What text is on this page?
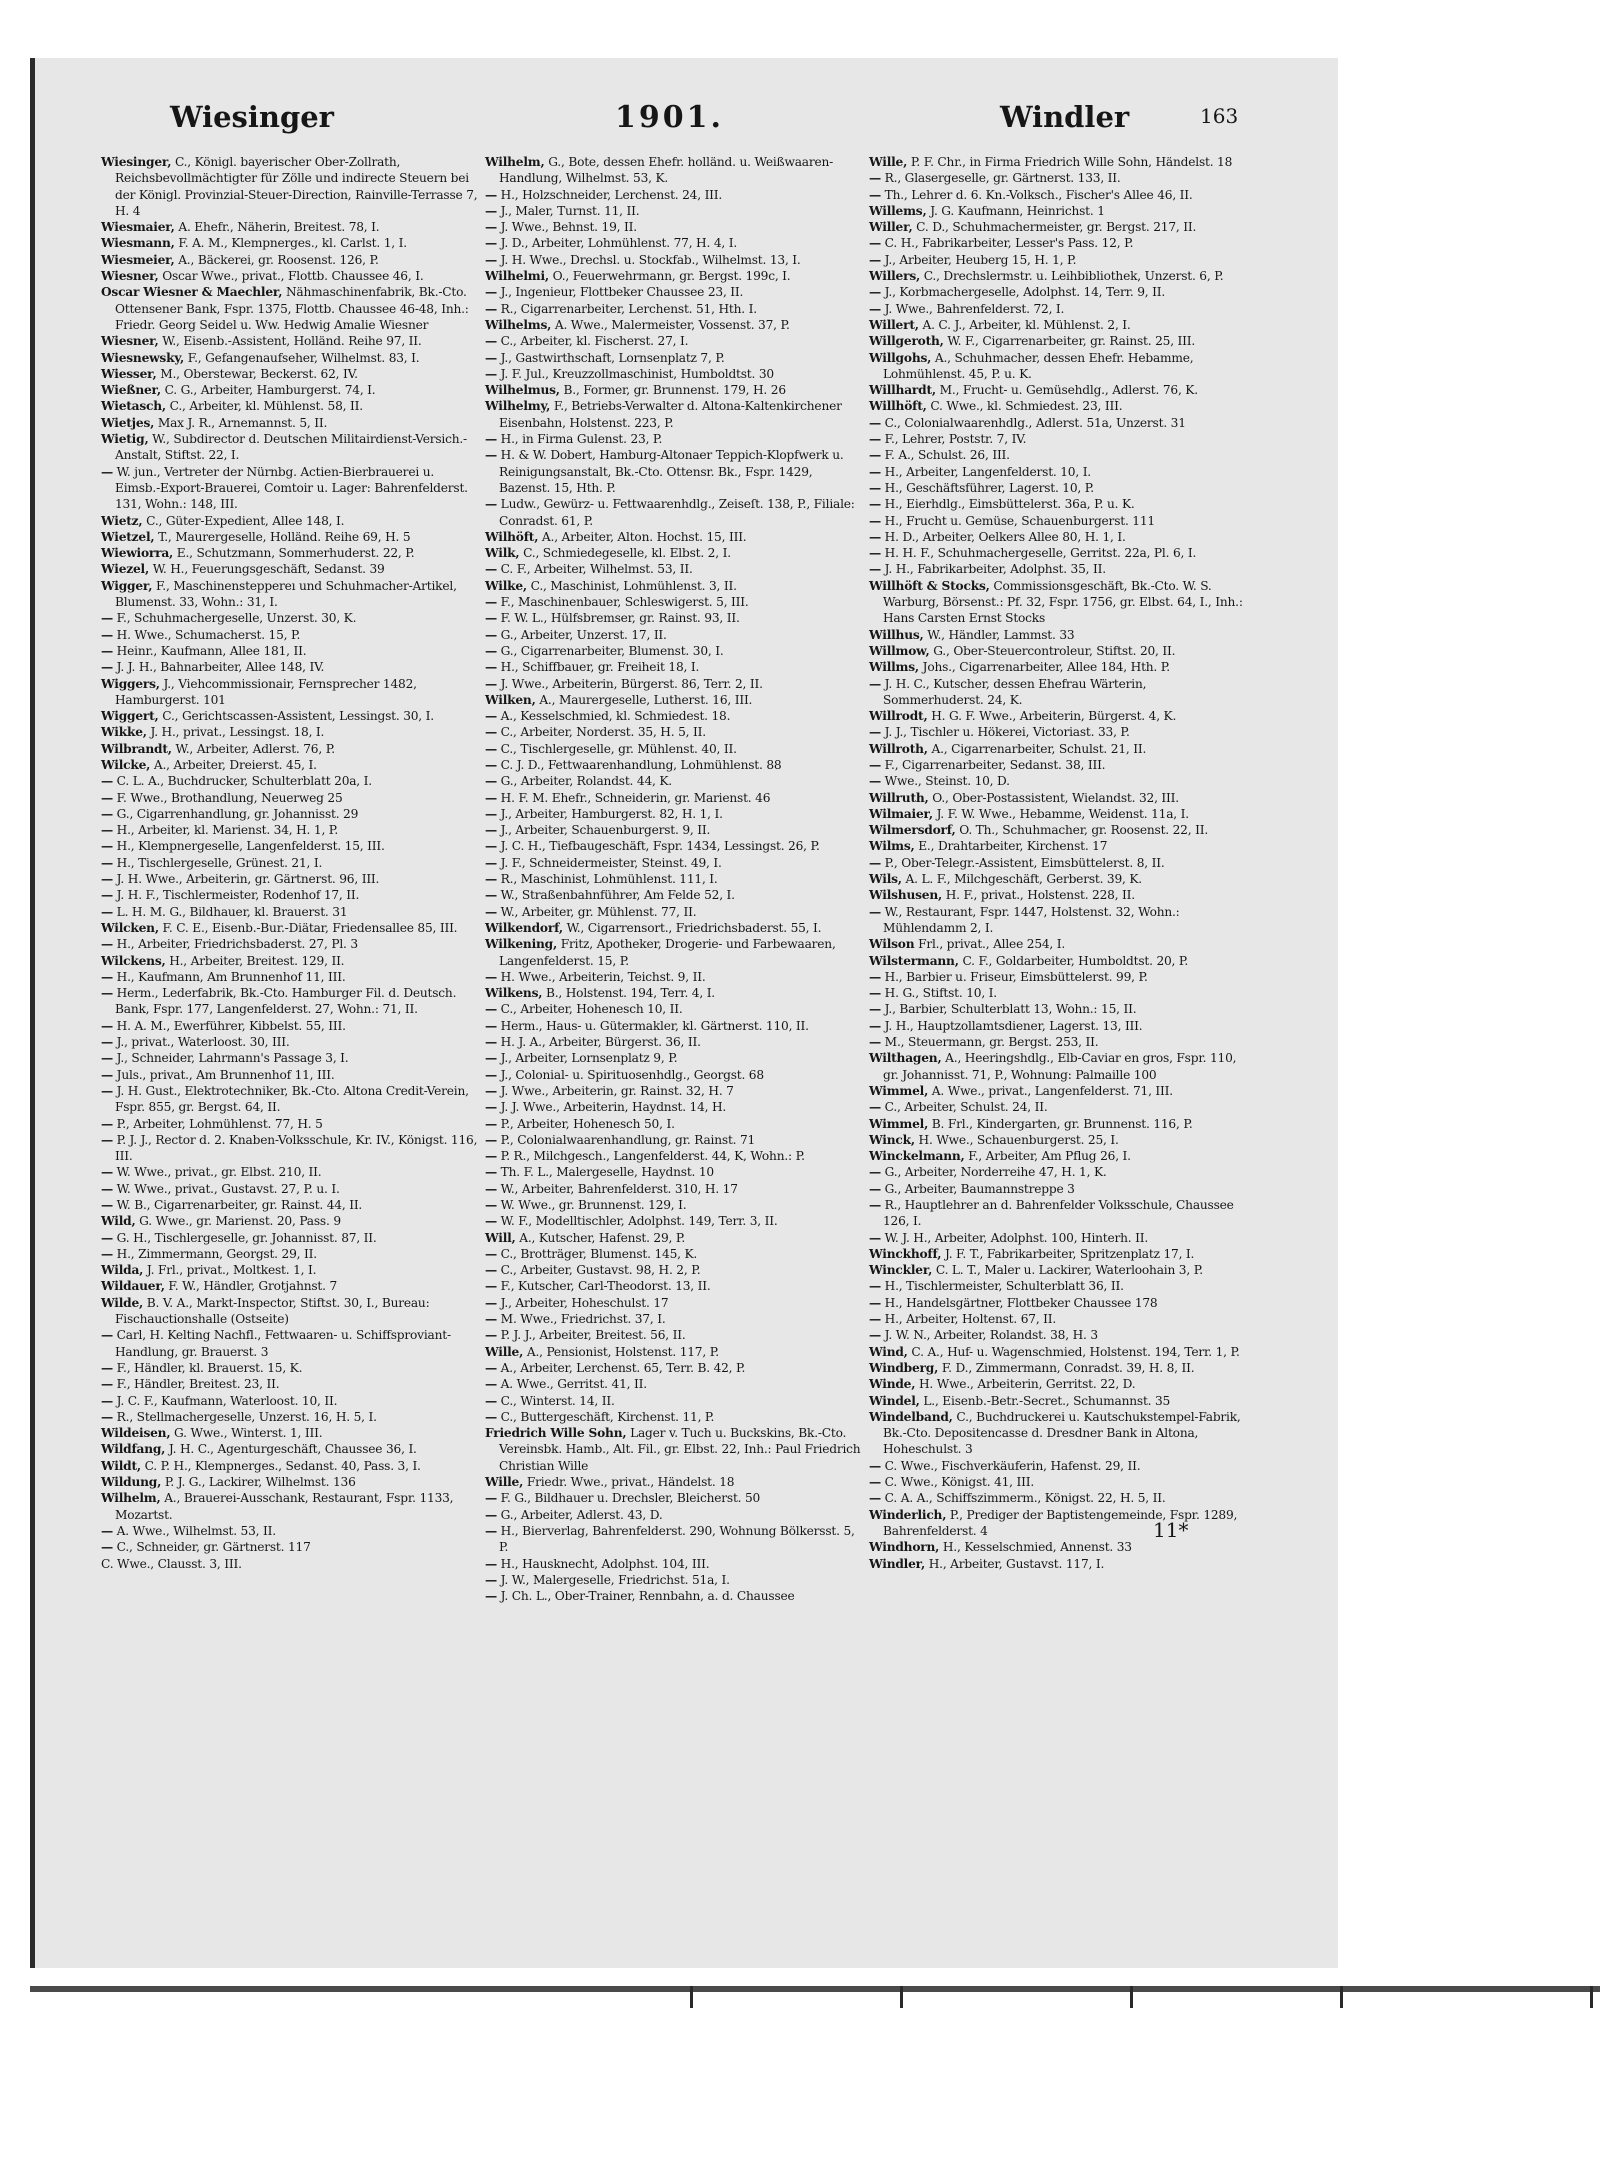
Wiesinger	1901.	Windler	163

Wiesinger, C., Königl. bayerischer Ober-Zollrath, Reichsbevollmächtigter für Zölle und indirecte Steuern bei der Königl. Provinzial-Steuer-Direction, Rainville-Terrasse 7, H. 4

Wiesmaier, A. Ehefr., Näherin, Breitest. 78, I.

Wiesmann, F. A. M., Klempnerges., kl. Carlst. 1, I.

Wiesmeier, A., Bäckerei, gr. Roosenst. 126, P.

Wiesner, Oscar Wwe., privat., Flottb. Chaussee 46, I.

Oscar Wiesner & Maechler, Nähmaschinenfabrik, Bk.-Cto. Ottensener Bank, Fspr. 1375, Flottb. Chaussee 46-48, Inh.: Friedr. Georg Seidel u. Ww. Hedwig Amalie Wiesner

Wiesner, W., Eisenb.-Assistent, Holländ. Reihe 97, II.

Wiesnewsky, F., Gefangenaufseher, Wilhelmst. 83, I.

Wiesser, M., Oberstewar, Beckerst. 62, IV.

Wießner, C. G., Arbeiter, Hamburgerst. 74, I.

Wietasch, C., Arbeiter, kl. Mühlenst. 58, II.

Wietjes, Max J. R., Arnemannst. 5, II.

Wietig, W., Subdirector d. Deutschen Militairdienst-Versich.-Anstalt, Stiftst. 22, I.

— W. jun., Vertreter der Nürnbg. Actien-Bierbrauerei u. Eimsb.-Export-Brauerei, Comtoir u. Lager: Bahrenfelderst. 131, Wohn.: 148, III.

Wietz, C., Güter-Expedient, Allee 148, I.

Wietzel, T., Maurergeselle, Holländ. Reihe 69, H. 5

Wiewiorra, E., Schutzmann, Sommerhuderst. 22, P.

Wiezel, W. H., Feuerungsgeschäft, Sedanst. 39

Wigger, F., Maschinensteppereı und Schuhmacher-Artikel, Blumenst. 33, Wohn.: 31, I.

— F., Schuhmachergeselle, Unzerst. 30, K.

— H. Wwe., Schumacherst. 15, P.

— Heinr., Kaufmann, Allee 181, II.

— J. J. H., Bahnarbeiter, Allee 148, IV.

Wiggers, J., Viehcommissionair, Fernsprecher 1482, Hamburgerst. 101

Wiggert, C., Gerichtscassen-Assistent, Lessingst. 30, I.

Wikke, J. H., privat., Lessingst. 18, I.

Wilbrandt, W., Arbeiter, Adlerst. 76, P.

Wilcke, A., Arbeiter, Dreierst. 45, I.

— C. L. A., Buchdrucker, Schulterblatt 20a, I.

— F. Wwe., Brothandlung, Neuerweg 25

— G., Cigarrenhandlung, gr. Johannisst. 29

— H., Arbeiter, kl. Marienst. 34, H. 1, P.

— H., Klempnergeselle, Langenfelderst. 15, III.

— H., Tischlergeselle, Grünest. 21, I.

— J. H. Wwe., Arbeiterin, gr. Gärtnerst. 96, III.

— J. H. F., Tischlermeister, Rodenhof 17, II.

— L. H. M. G., Bildhauer, kl. Brauerst. 31

Wilcken, F. C. E., Eisenb.-Bur.-Diätar, Friedensallee 85, III.

— H., Arbeiter, Friedrichsbaderst. 27, Pl. 3

Wilckens, H., Arbeiter, Breitest. 129, II.

— H., Kaufmann, Am Brunnenhof 11, III.

— Herm., Lederfabrik, Bk.-Cto. Hamburger Fil. d. Deutsch. Bank, Fspr. 177, Langenfelderst. 27, Wohn.: 71, II.

— H. A. M., Ewerführer, Kibbelst. 55, III.

— J., privat., Waterloost. 30, III.

— J., Schneider, Lahrmann's Passage 3, I.

— Juls., privat., Am Brunnenhof 11, III.

— J. H. Gust., Elektrotechniker, Bk.-Cto. Altona Credit-Verein, Fspr. 855, gr. Bergst. 64, II.

— P., Arbeiter, Lohmühlenst. 77, H. 5

— P. J. J., Rector d. 2. Knaben-Volksschule, Kr. IV., Königst. 116, III.

— W. Wwe., privat., gr. Elbst. 210, II.

— W. Wwe., privat., Gustavst. 27, P. u. I.

— W. B., Cigarrenarbeiter, gr. Rainst. 44, II.

Wild, G. Wwe., gr. Marienst. 20, Pass. 9

— G. H., Tischlergeselle, gr. Johannisst. 87, II.

— H., Zimmermann, Georgst. 29, II.

Wilda, J. Frl., privat., Moltkest. 1, I.

Wildauer, F. W., Händler, Grotjahnst. 7

Wilde, B. V. A., Markt-Inspector, Stiftst. 30, I., Bureau: Fischauctionshalle (Ostseite)

— Carl, H. Kelting Nachfl., Fettwaaren- u. Schiffsproviant-Handlung, gr. Brauerst. 3

— F., Händler, kl. Brauerst. 15, K.

— F., Händler, Breitest. 23, II.

— J. C. F., Kaufmann, Waterloost. 10, II.

— R., Stellmachergeselle, Unzerst. 16, H. 5, I.

Wildeisen, G. Wwe., Winterst. 1, III.

Wildfang, J. H. C., Agenturgeschäft, Chaussee 36, I.

Wildt, C. P. H., Klempnerges., Sedanst. 40, Pass. 3, I.

Wildung, P. J. G., Lackirer, Wilhelmst. 136

Wilhelm, A., Brauerei-Ausschank, Restaurant, Fspr. 1133, Mozartst.

— A. Wwe., Wilhelmst. 53, II.

— C., Schneider, gr. Gärtnerst. 117

C. Wwe., Clausst. 3, III.

Wilhelm, G., Bote, dessen Ehefr. holländ. u. Weißwaaren-Handlung, Wilhelmst. 53, K.

— H., Holzschneider, Lerchenst. 24, III.

— J., Maler, Turnst. 11, II.

— J. Wwe., Behnst. 19, II.

— J. D., Arbeiter, Lohmühlenst. 77, H. 4, I.

— J. H. Wwe., Drechsl. u. Stockfab., Wilhelmst. 13, I.

Wilhelmi, O., Feuerwehrmann, gr. Bergst. 199c, I.

— J., Ingenieur, Flottbeker Chaussee 23, II.

— R., Cigarrenarbeiter, Lerchenst. 51, Hth. I.

Wilhelms, A. Wwe., Malermeister, Vossenst. 37, P.

— C., Arbeiter, kl. Fischerst. 27, I.

— J., Gastwirthschaft, Lornsenplatz 7, P.

— J. F. Jul., Kreuzzollmaschinist, Humboldtst. 30

Wilhelmus, B., Former, gr. Brunnenst. 179, H. 26

Wilhelmy, F., Betriebs-Verwalter d. Altona-Kaltenkirchener Eisenbahn, Holstenst. 223, P.

— H., in Firma Gulenst. 23, P.

— H. & W. Dobert, Hamburg-Altonaer Teppich-Klopfwerk u. Reinigungsanstalt, Bk.-Cto. Ottensr. Bk., Fspr. 1429, Bazenst. 15, Hth. P.

— Ludw., Gewürz- u. Fettwaarenhdlg., Zeiseſt. 138, P., Filiale: Conradst. 61, P.

Wilhöft, A., Arbeiter, Alton. Hochst. 15, III.

Wilk, C., Schmiedegeselle, kl. Elbst. 2, I.

— C. F., Arbeiter, Wilhelmst. 53, II.

Wilke, C., Maschinist, Lohmühlenst. 3, II.

— F., Maschinenbauer, Schleswigerst. 5, III.

— F. W. L., Hülfsbremser, gr. Rainst. 93, II.

— G., Arbeiter, Unzerst. 17, II.

— G., Cigarrenarbeiter, Blumenst. 30, I.

— H., Schiffbauer, gr. Freiheit 18, I.

— J. Wwe., Arbeiterin, Bürgerst. 86, Terr. 2, II.

Wilken, A., Maurergeselle, Lutherst. 16, III.

— A., Kesselschmied, kl. Schmiedest. 18.

— C., Arbeiter, Norderst. 35, H. 5, II.

— C., Tischlergeselle, gr. Mühlenst. 40, II.

— C. J. D., Fettwaarenhandlung, Lohmühlenst. 88

— G., Arbeiter, Rolandst. 44, K.

— H. F. M. Ehefr., Schneiderin, gr. Marienst. 46

— J., Arbeiter, Hamburgerst. 82, H. 1, I.

— J., Arbeiter, Schauenburgerst. 9, II.

— J. C. H., Tiefbaugeschäft, Fspr. 1434, Lessingst. 26, P.

— J. F., Schneidermeister, Steinst. 49, I.

— R., Maschinist, Lohmühlenst. 111, I.

— W., Straßenbahnführer, Am Felde 52, I.

— W., Arbeiter, gr. Mühlenst. 77, II.

Wilkendorf, W., Cigarrensort., Friedrichsbaderst. 55, I.

Wilkening, Fritz, Apotheker, Drogerie- und Farbewaaren, Langenfelderst. 15, P.

— H. Wwe., Arbeiterin, Teichst. 9, II.

Wilkens, B., Holstenst. 194, Terr. 4, I.

— C., Arbeiter, Hohenesch 10, II.

— Herm., Haus- u. Gütermakler, kl. Gärtnerst. 110, II.

— H. J. A., Arbeiter, Bürgerst. 36, II.

— J., Arbeiter, Lornsenplatz 9, P.

— J., Colonial- u. Spirituosenhdlg., Georgst. 68

— J. Wwe., Arbeiterin, gr. Rainst. 32, H. 7

— J. J. Wwe., Arbeiterin, Haydnst. 14, H.

— P., Arbeiter, Hohenesch 50, I.

— P., Colonialwaarenhandlung, gr. Rainst. 71

— P. R., Milchgesch., Langenfelderst. 44, K, Wohn.: P.

— Th. F. L., Malergeselle, Haydnst. 10

— W., Arbeiter, Bahrenfelderst. 310, H. 17

— W. Wwe., gr. Brunnenst. 129, I.

— W. F., Modelltischler, Adolphst. 149, Terr. 3, II.

Will, A., Kutscher, Hafenst. 29, P.

— C., Brotträger, Blumenst. 145, K.

— C., Arbeiter, Gustavst. 98, H. 2, P.

— F., Kutscher, Carl-Theodorst. 13, II.

— J., Arbeiter, Hoheschulst. 17

— M. Wwe., Friedrichst. 37, I.

— P. J. J., Arbeiter, Breitest. 56, II.

Wille, A., Pensionist, Holstenst. 117, P.

— A., Arbeiter, Lerchenst. 65, Terr. B. 42, P.

— A. Wwe., Gerritst. 41, II.

— C., Winterst. 14, II.

— C., Buttergeschäft, Kirchenst. 11, P.

Friedrich Wille Sohn, Lager v. Tuch u. Buckskins, Bk.-Cto. Vereinsbk. Hamb., Alt. Fil., gr. Elbst. 22, Inh.: Paul Friedrich Christian Wille

Wille, Friedr. Wwe., privat., Händelst. 18

— F. G., Bildhauer u. Drechsler, Bleicherst. 50

— G., Arbeiter, Adlerst. 43, D.

— H., Bierverlag, Bahrenfelderst. 290, Wohnung Bölkersst. 5, P.

— H., Hausknecht, Adolphst. 104, III.

— J. W., Malergeselle, Friedrichst. 51a, I.

— J. Ch. L., Ober-Trainer, Rennbahn, a. d. Chaussee

Wille, P. F. Chr., in Firma Friedrich Wille Sohn, Händelst. 18

— R., Glasergeselle, gr. Gärtnerst. 133, II.

— Th., Lehrer d. 6. Kn.-Volksch., Fischer's Allee 46, II.

Willems, J. G. Kaufmann, Heinrichst. 1

Willer, C. D., Schuhmachermeister, gr. Bergst. 217, II.

— C. H., Fabrikarbeiter, Lesser's Pass. 12, P.

— J., Arbeiter, Heuberg 15, H. 1, P.

Willers, C., Drechslermstr. u. Leihbibliothek, Unzerst. 6, P.

— J., Korbmachergeselle, Adolphst. 14, Terr. 9, II.

— J. Wwe., Bahrenfelderst. 72, I.

Willert, A. C. J., Arbeiter, kl. Mühlenst. 2, I.

Willgeroth, W. F., Cigarrenarbeiter, gr. Rainst. 25, III.

Willgohs, A., Schuhmacher, dessen Ehefr. Hebamme, Lohmühlenst. 45, P. u. K.

Willhardt, M., Frucht- u. Gemüsehdlg., Adlerst. 76, K.

Willhöft, C. Wwe., kl. Schmiedest. 23, III.

— C., Colonialwaarenhdlg., Adlerst. 51a, Unzerst. 31

— F., Lehrer, Poststr. 7, IV.

— F. A., Schulst. 26, III.

— H., Arbeiter, Langenfelderst. 10, I.

— H., Geschäftsführer, Lagerst. 10, P.

— H., Eierhdlg., Eimsbüttelerst. 36a, P. u. K.

— H., Frucht u. Gemüse, Schauenburgerst. 111

— H. D., Arbeiter, Oelkers Allee 80, H. 1, I.

— H. H. F., Schuhmachergeselle, Gerritst. 22a, Pl. 6, I.

— J. H., Fabrikarbeiter, Adolphst. 35, II.

Willhöft & Stocks, Commissionsgeschäft, Bk.-Cto. W. S. Warburg, Börsenst.: Pf. 32, Fspr. 1756, gr. Elbst. 64, I., Inh.: Hans Carsten Ernst Stocks

Willhus, W., Händler, Lammst. 33

Willmow, G., Ober-Steuercontroleur, Stiftst. 20, II.

Willms, Johs., Cigarrenarbeiter, Allee 184, Hth. P.

— J. H. C., Kutscher, dessen Ehefrau Wärterin, Sommerhuderst. 24, K.

Willrodt, H. G. F. Wwe., Arbeiterin, Bürgerst. 4, K.

— J. J., Tischler u. Hökerei, Victoriast. 33, P.

Willroth, A., Cigarrenarbeiter, Schulst. 21, II.

— F., Cigarrenarbeiter, Sedanst. 38, III.

— Wwe., Steinst. 10, D.

Willruth, O., Ober-Postassistent, Wielandst. 32, III.

Wilmaier, J. F. W. Wwe., Hebamme, Weidenst. 11a, I.

Wilmersdorf, O. Th., Schuhmacher, gr. Roosenst. 22, II.

Wilms, E., Drahtarbeiter, Kirchenst. 17

— P., Ober-Telegr.-Assistent, Eimsbüttelerst. 8, II.

Wils, A. L. F., Milchgeschäft, Gerberst. 39, K.

Wilshusen, H. F., privat., Holstenst. 228, II.

— W., Restaurant, Fspr. 1447, Holstenst. 32, Wohn.: Mühlendamm 2, I.

Wilson Frl., privat., Allee 254, I.

Wilstermann, C. F., Goldarbeiter, Humboldtst. 20, P.

— H., Barbier u. Friseur, Eimsbüttelerst. 99, P.

— H. G., Stiftst. 10, I.

— J., Barbier, Schulterblatt 13, Wohn.: 15, II.

— J. H., Hauptzollamtsdiener, Lagerst. 13, III.

— M., Steuermann, gr. Bergst. 253, II.

Wilthagen, A., Heeringshdlg., Elb-Caviar en gros, Fspr. 110, gr. Johannisst. 71, P., Wohnung: Palmaille 100

Wimmel, A. Wwe., privat., Langenfelderst. 71, III.

— C., Arbeiter, Schulst. 24, II.

Wimmel, B. Frl., Kindergarten, gr. Brunnenst. 116, P.

Winck, H. Wwe., Schauenburgerst. 25, I.

Winckelmann, F., Arbeiter, Am Pflug 26, I.

— G., Arbeiter, Norderreihe 47, H. 1, K.

— G., Arbeiter, Baumannstreppe 3

— R., Hauptlehrer an d. Bahrenfelder Volksschule, Chaussee 126, I.

— W. J. H., Arbeiter, Adolphst. 100, Hinterh. II.

Winckhoff, J. F. T., Fabrikarbeiter, Spritzenplatz 17, I.

Winckler, C. L. T., Maler u. Lackirer, Waterloohain 3, P.

— H., Tischlermeister, Schulterblatt 36, II.

— H., Handelsgärtner, Flottbeker Chaussee 178

— H., Arbeiter, Holtenst. 67, II.

— J. W. N., Arbeiter, Rolandst. 38, H. 3

Wind, C. A., Huf- u. Wagenschmied, Holstenst. 194, Terr. 1, P.

Windberg, F. D., Zimmermann, Conradst. 39, H. 8, II.

Winde, H. Wwe., Arbeiterin, Gerritst. 22, D.

Windel, L., Eisenb.-Betr.-Secret., Schumannst. 35

Windelband, C., Buchdruckerei u. Kautschukstempel-Fabrik, Bk.-Cto. Depositencasse d. Dresdner Bank in Altona, Hoheschulst. 3

— C. Wwe., Fischverkäuferin, Hafenst. 29, II.

— C. Wwe., Königst. 41, III.

— C. A. A., Schiffszimmerm., Königst. 22, H. 5, II.

Winderlich, P., Prediger der Baptistengemeinde, Fspr. 1289, Bahrenfelderst. 4

Windhorn, H., Kesselschmied, Annenst. 33

Windler, H., Arbeiter, Gustavst. 117, I.

11*
